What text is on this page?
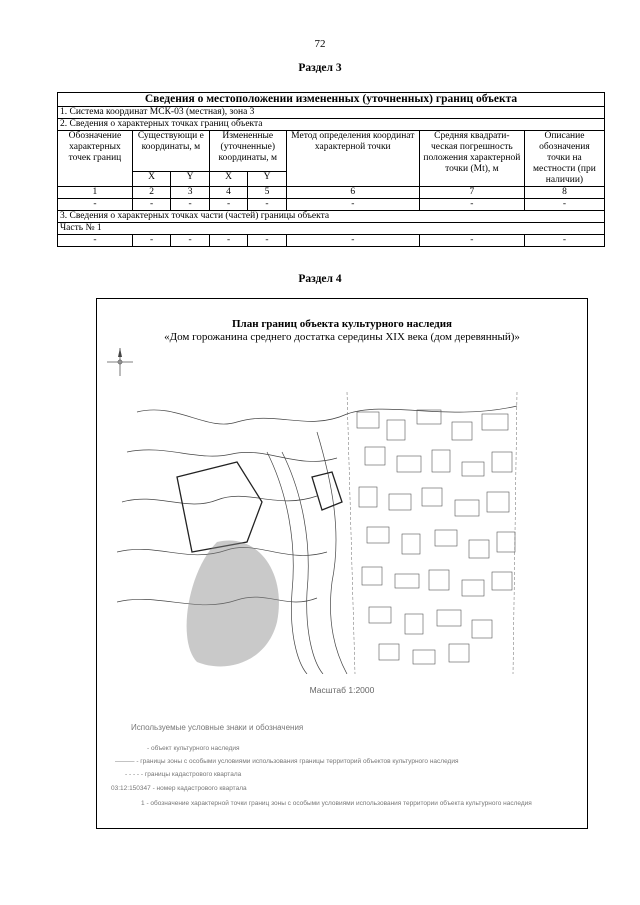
72
Раздел 3
Сведения о местоположении измененных (уточненных) границ объекта							
1. Система координат МСК-03 (местная), зона 3							
2. Сведения о характерных точках границ объекта							
Обозначение характерных точек границ	Существующи е координаты, м		Измененные (уточненные) координаты, м		Метод определения координат характерной точки	Средняя квадрати-ческая погрешность положения характерной точки (Mt), м	Описание обозначения точки на местности (при наличии)
	X	Y	X	Y			
1	2	3	4	5	6	7	8
-	-	-	-	-	-	-	-
3. Сведения о характерных точках части (частей) границы объекта							
Часть № 1							
-	-	-	-	-	-	-	-
Раздел 4
План границ объекта культурного наследия
«Дом горожанина среднего достатка середины XIX века (дом деревянный)»
Масштаб 1:2000
Используемые условные знаки и обозначения
- объект культурного наследия
——— - границы зоны с особыми условиями использования границы территорий объектов культурного наследия
- - - - - границы кадастрового квартала
03:12:150347 - номер кадастрового квартала
1 - обозначение характерной точки границ зоны с особыми условиями использования территории объекта культурного наследия
